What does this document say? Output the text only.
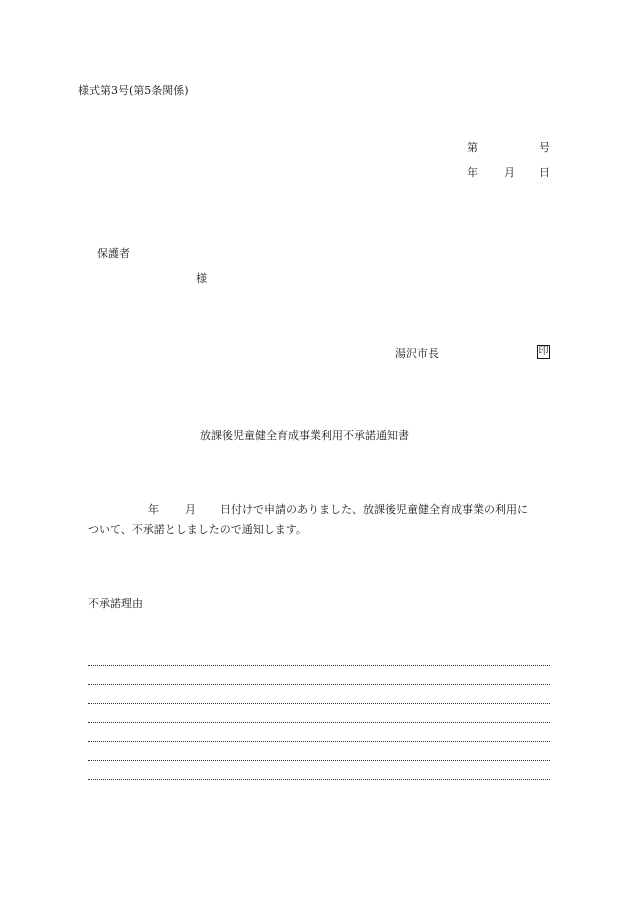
様式第3号(第5条関係)
第	号
年 月 日
保護者
様
湯沢市長	印
放課後児童健全育成事業利用不承諾通知書
年 月 日付けで申請のありました、放課後児童健全育成事業の利用に
ついて、不承諾としましたので通知します。
不承諾理由
